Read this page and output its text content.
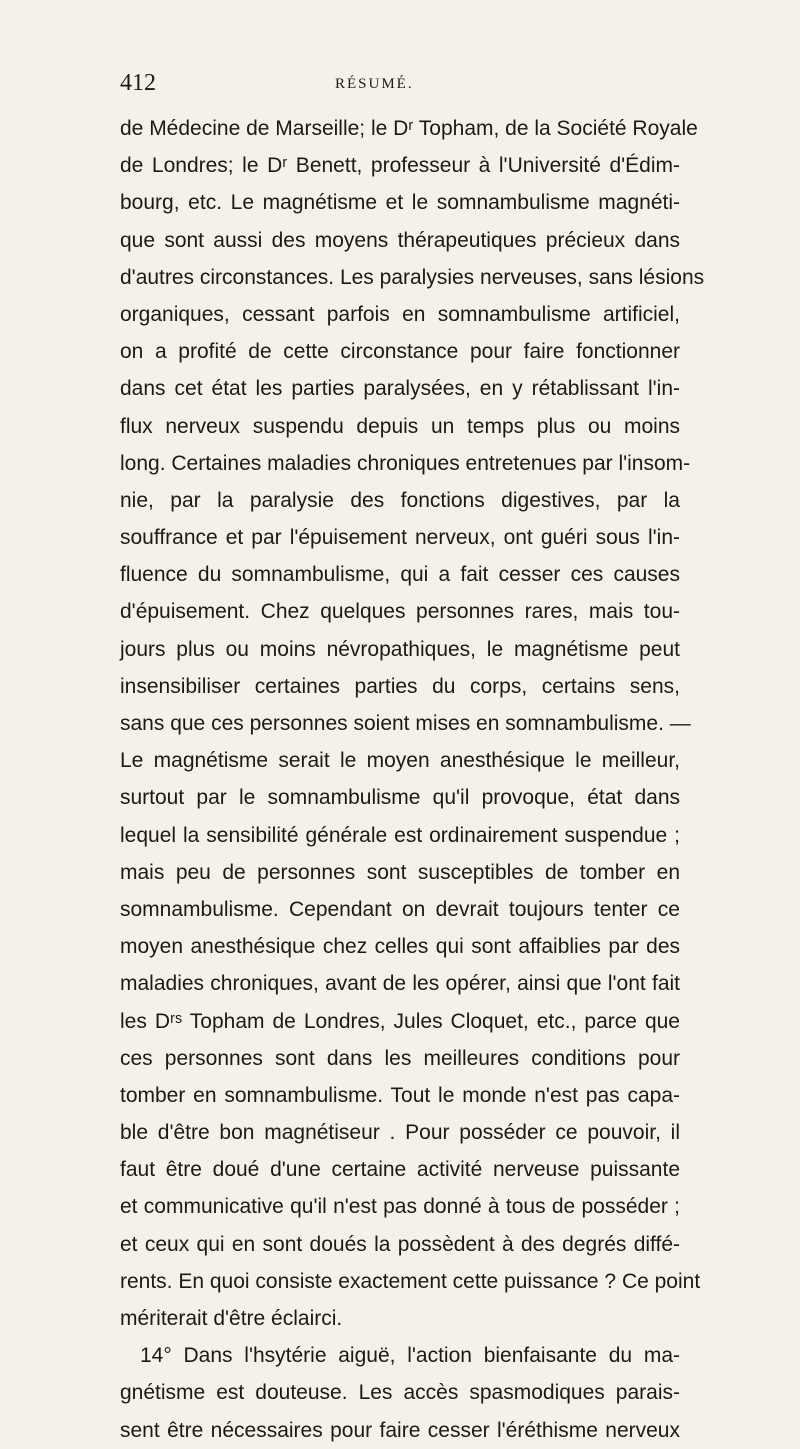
412	RÉSUMÉ.
de Médecine de Marseille; le Dʳ Topham, de la Société Royale
de Londres; le Dʳ Benett, professeur à l'Université d'Édim-
bourg, etc. Le magnétisme et le somnambulisme magnéti-
que sont aussi des moyens thérapeutiques précieux dans
d'autres circonstances. Les paralysies nerveuses, sans lésions
organiques, cessant parfois en somnambulisme artificiel,
on a profité de cette circonstance pour faire fonctionner
dans cet état les parties paralysées, en y rétablissant l'in-
flux nerveux suspendu depuis un temps plus ou moins
long. Certaines maladies chroniques entretenues par l'insom-
nie, par la paralysie des fonctions digestives, par la
souffrance et par l'épuisement nerveux, ont guéri sous l'in-
fluence du somnambulisme, qui a fait cesser ces causes
d'épuisement. Chez quelques personnes rares, mais tou-
jours plus ou moins névropathiques, le magnétisme peut
insensibiliser certaines parties du corps, certains sens,
sans que ces personnes soient mises en somnambulisme. —
Le magnétisme serait le moyen anesthésique le meilleur,
surtout par le somnambulisme qu'il provoque, état dans
lequel la sensibilité générale est ordinairement suspendue ;
mais peu de personnes sont susceptibles de tomber en
somnambulisme. Cependant on devrait toujours tenter ce
moyen anesthésique chez celles qui sont affaiblies par des
maladies chroniques, avant de les opérer, ainsi que l'ont fait
les Dʳˢ Topham de Londres, Jules Cloquet, etc., parce que
ces personnes sont dans les meilleures conditions pour
tomber en somnambulisme. Tout le monde n'est pas capa-
ble d'être bon magnétiseur . Pour posséder ce pouvoir, il
faut être doué d'une certaine activité nerveuse puissante
et communicative qu'il n'est pas donné à tous de posséder ;
et ceux qui en sont doués la possèdent à des degrés diffé-
rents. En quoi consiste exactement cette puissance ? Ce point
mériterait d'être éclairci.
14° Dans l'hsytérie aiguë, l'action bienfaisante du ma-
gnétisme est douteuse. Les accès spasmodiques parais-
sent être nécessaires pour faire cesser l'éréthisme nerveux
